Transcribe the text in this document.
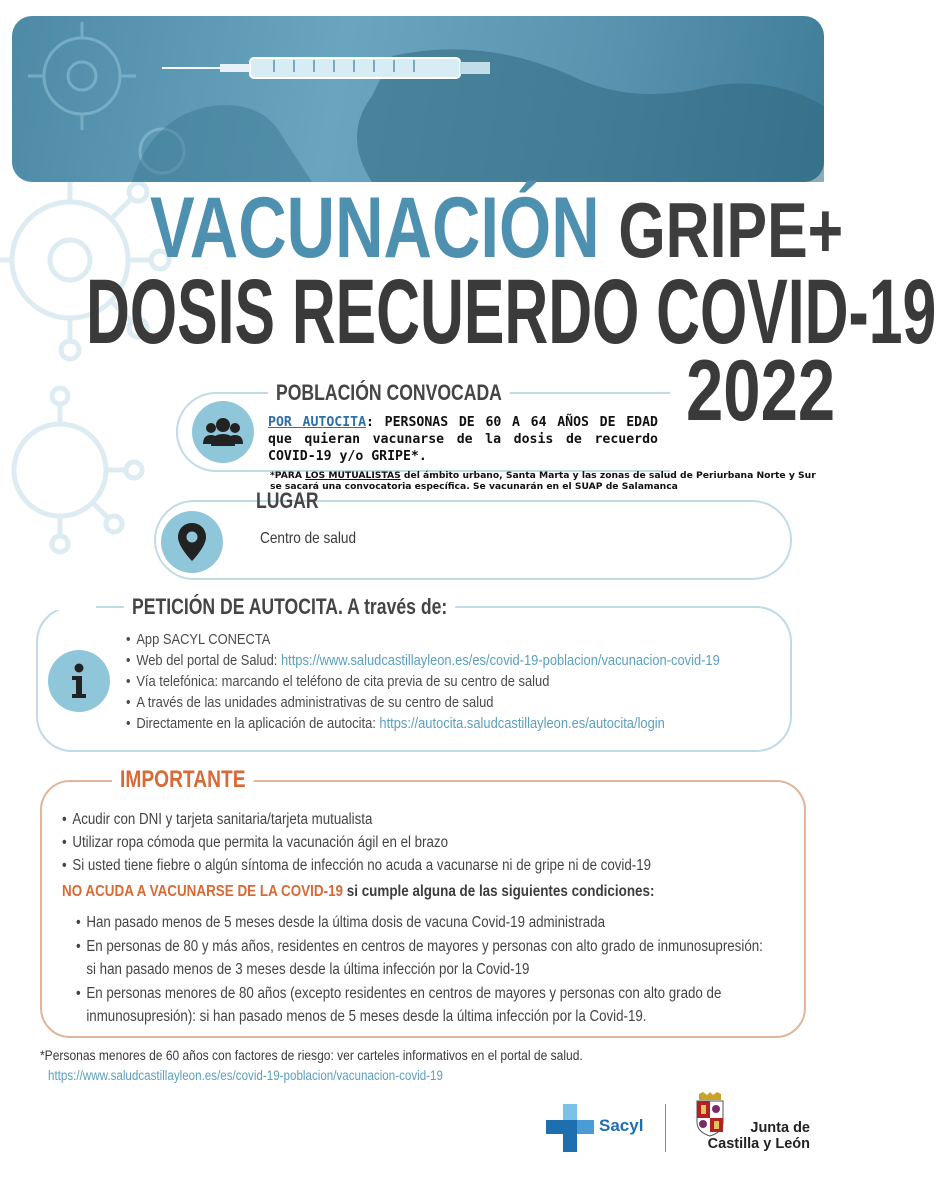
VACUNACIÓN GRIPE+
DOSIS RECUERDO COVID-19
2022
POBLACIÓN CONVOCADA
POR AUTOCITA: PERSONAS DE 60 A 64 AÑOS DE EDAD que quieran vacunarse de la dosis de recuerdo COVID-19 y/o GRIPE*.
*PARA LOS MUTUALISTAS del ámbito urbano, Santa Marta y las zonas de salud de Periurbana Norte y Sur se sacará una convocatoria específica. Se vacunarán en el SUAP de Salamanca
LUGAR
Centro de salud
PETICIÓN DE AUTOCITA. A través de:
• App SACYL CONECTA
• Web del portal de Salud: https://www.saludcastillayleon.es/es/covid-19-poblacion/vacunacion-covid-19
• Vía telefónica: marcando el teléfono de cita previa de su centro de salud
• A través de las unidades administrativas de su centro de salud
• Directamente en la aplicación de autocita: https://autocita.saludcastillayleon.es/autocita/login
IMPORTANTE
• Acudir con DNI y tarjeta sanitaria/tarjeta mutualista
• Utilizar ropa cómoda que permita la vacunación ágil en el brazo
• Si usted tiene fiebre o algún síntoma de infección no acuda a vacunarse ni de gripe ni de covid-19
NO ACUDA A VACUNARSE DE LA COVID-19 si cumple alguna de las siguientes condiciones:
• Han pasado menos de 5 meses desde la última dosis de vacuna Covid-19 administrada
• En personas de 80 y más años, residentes en centros de mayores y personas con alto grado de inmunosupresión:
si han pasado menos de 3 meses desde la última infección por la Covid-19
• En personas menores de 80 años (excepto residentes en centros de mayores y personas con alto grado de
inmunosupresión): si han pasado menos de 5 meses desde la última infección por la Covid-19.
*Personas menores de 60 años con factores de riesgo: ver carteles informativos en el portal de salud.
https://www.saludcastillayleon.es/es/covid-19-poblacion/vacunacion-covid-19
Sacyl	Junta de
Castilla y León
